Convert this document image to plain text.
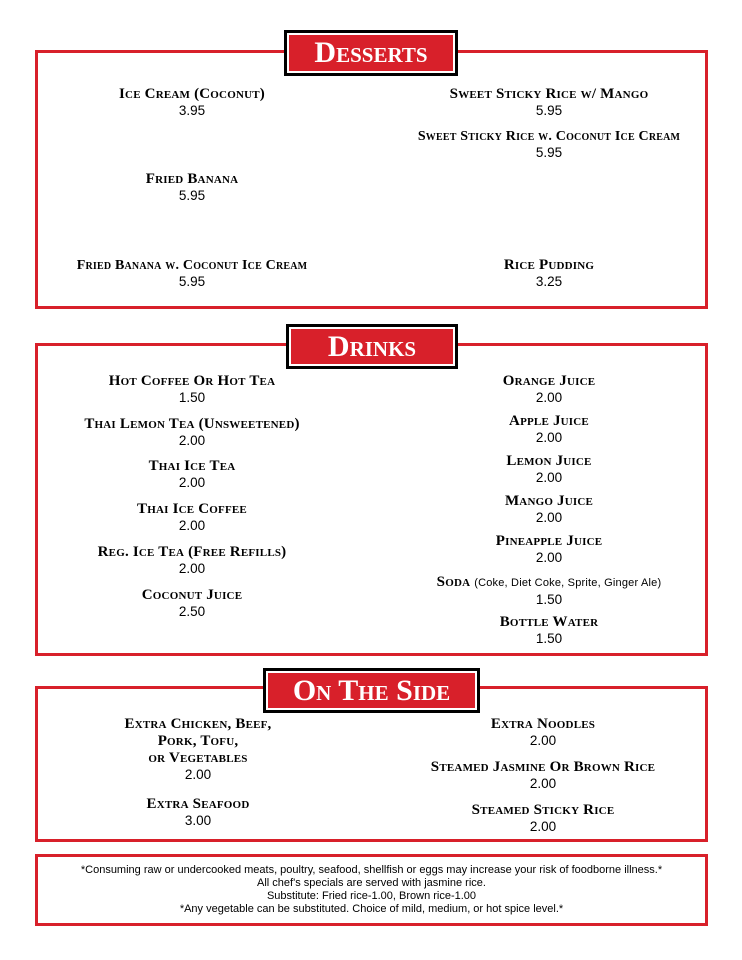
Desserts
Ice Cream (Coconut)
3.95
Sweet Sticky Rice w/ Mango
5.95
Sweet Sticky Rice w. Coconut Ice Cream
5.95
Fried Banana
5.95
Fried Banana w. Coconut Ice Cream
5.95
Rice Pudding
3.25
Drinks
Hot Coffee Or Hot Tea
1.50
Thai Lemon Tea (Unsweetened)
2.00
Thai Ice Tea
2.00
Thai Ice Coffee
2.00
Reg. Ice Tea (Free Refills)
2.00
Coconut Juice
2.50
Orange Juice
2.00
Apple Juice
2.00
Lemon Juice
2.00
Mango Juice
2.00
Pineapple Juice
2.00
Soda (Coke, Diet Coke, Sprite, Ginger Ale)
1.50
Bottle Water
1.50
On The Side
Extra Chicken, Beef,
Pork, Tofu,
or Vegetables
2.00
Extra Seafood
3.00
Extra Noodles
2.00
Steamed Jasmine Or Brown Rice
2.00
Steamed Sticky Rice
2.00
*Consuming raw or undercooked meats, poultry, seafood, shellfish or eggs may increase your risk of foodborne illness.*
All chef's specials are served with jasmine rice.
Substitute: Fried rice-1.00, Brown rice-1.00
*Any vegetable can be substituted. Choice of mild, medium, or hot spice level.*
